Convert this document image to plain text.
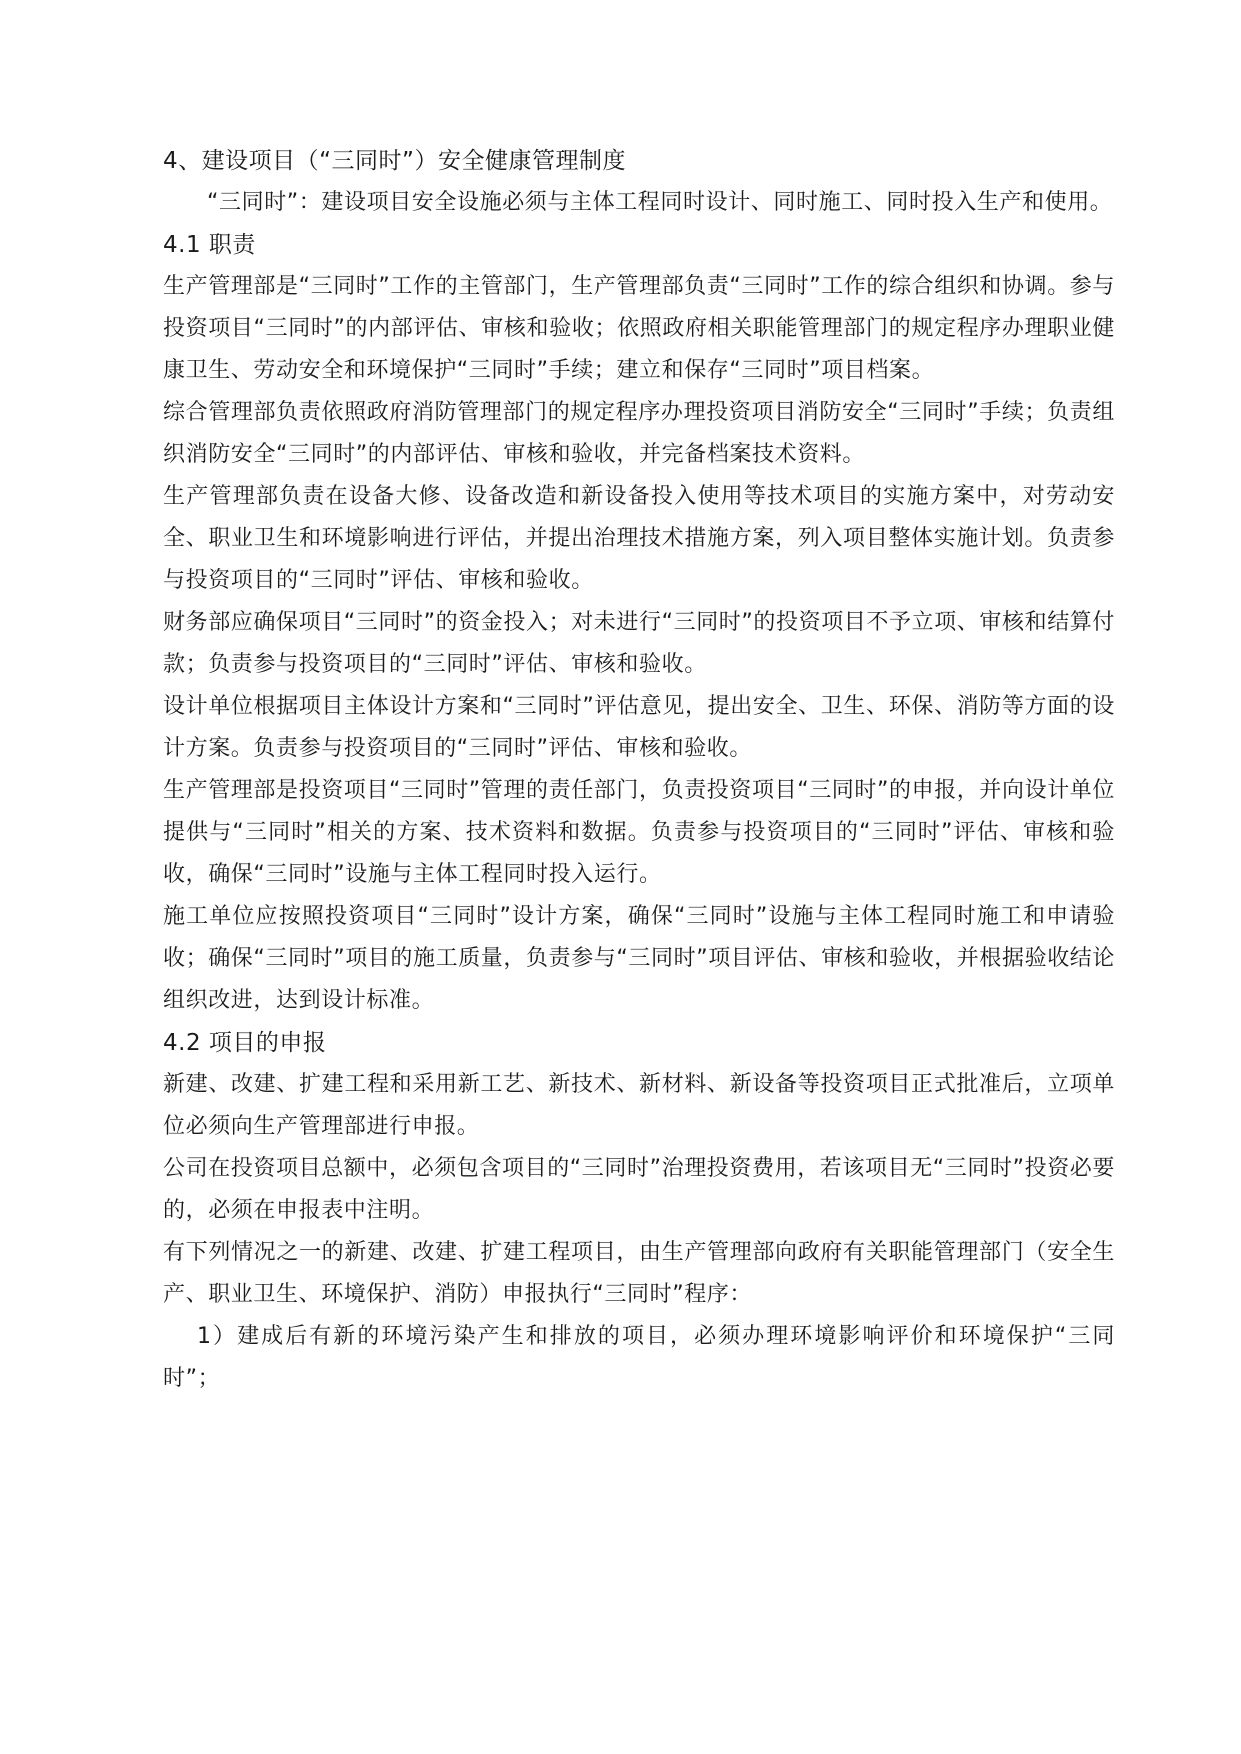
4、建设项目（“三同时”）安全健康管理制度

“三同时”：建设项目安全设施必须与主体工程同时设计、同时施工、同时投入生产和使用。

4.1 职责

生产管理部是“三同时”工作的主管部门，生产管理部负责“三同时”工作的综合组织和协调。参与投资项目“三同时”的内部评估、审核和验收；依照政府相关职能管理部门的规定程序办理职业健康卫生、劳动安全和环境保护“三同时”手续；建立和保存“三同时”项目档案。

综合管理部负责依照政府消防管理部门的规定程序办理投资项目消防安全“三同时”手续；负责组织消防安全“三同时”的内部评估、审核和验收，并完备档案技术资料。

生产管理部负责在设备大修、设备改造和新设备投入使用等技术项目的实施方案中，对劳动安全、职业卫生和环境影响进行评估，并提出治理技术措施方案，列入项目整体实施计划。负责参与投资项目的“三同时”评估、审核和验收。

财务部应确保项目“三同时”的资金投入；对未进行“三同时”的投资项目不予立项、审核和结算付款；负责参与投资项目的“三同时”评估、审核和验收。

设计单位根据项目主体设计方案和“三同时”评估意见，提出安全、卫生、环保、消防等方面的设计方案。负责参与投资项目的“三同时”评估、审核和验收。

生产管理部是投资项目“三同时”管理的责任部门，负责投资项目“三同时”的申报，并向设计单位提供与“三同时”相关的方案、技术资料和数据。负责参与投资项目的“三同时”评估、审核和验收，确保“三同时”设施与主体工程同时投入运行。

施工单位应按照投资项目“三同时”设计方案，确保“三同时”设施与主体工程同时施工和申请验收；确保“三同时”项目的施工质量，负责参与“三同时”项目评估、审核和验收，并根据验收结论组织改进，达到设计标准。

4.2 项目的申报

新建、改建、扩建工程和采用新工艺、新技术、新材料、新设备等投资项目正式批准后，立项单位必须向生产管理部进行申报。

公司在投资项目总额中，必须包含项目的“三同时”治理投资费用，若该项目无“三同时”投资必要的，必须在申报表中注明。

有下列情况之一的新建、改建、扩建工程项目，由生产管理部向政府有关职能管理部门（安全生产、职业卫生、环境保护、消防）申报执行“三同时”程序：

1）建成后有新的环境污染产生和排放的项目，必须办理环境影响评价和环境保护“三同时”；
